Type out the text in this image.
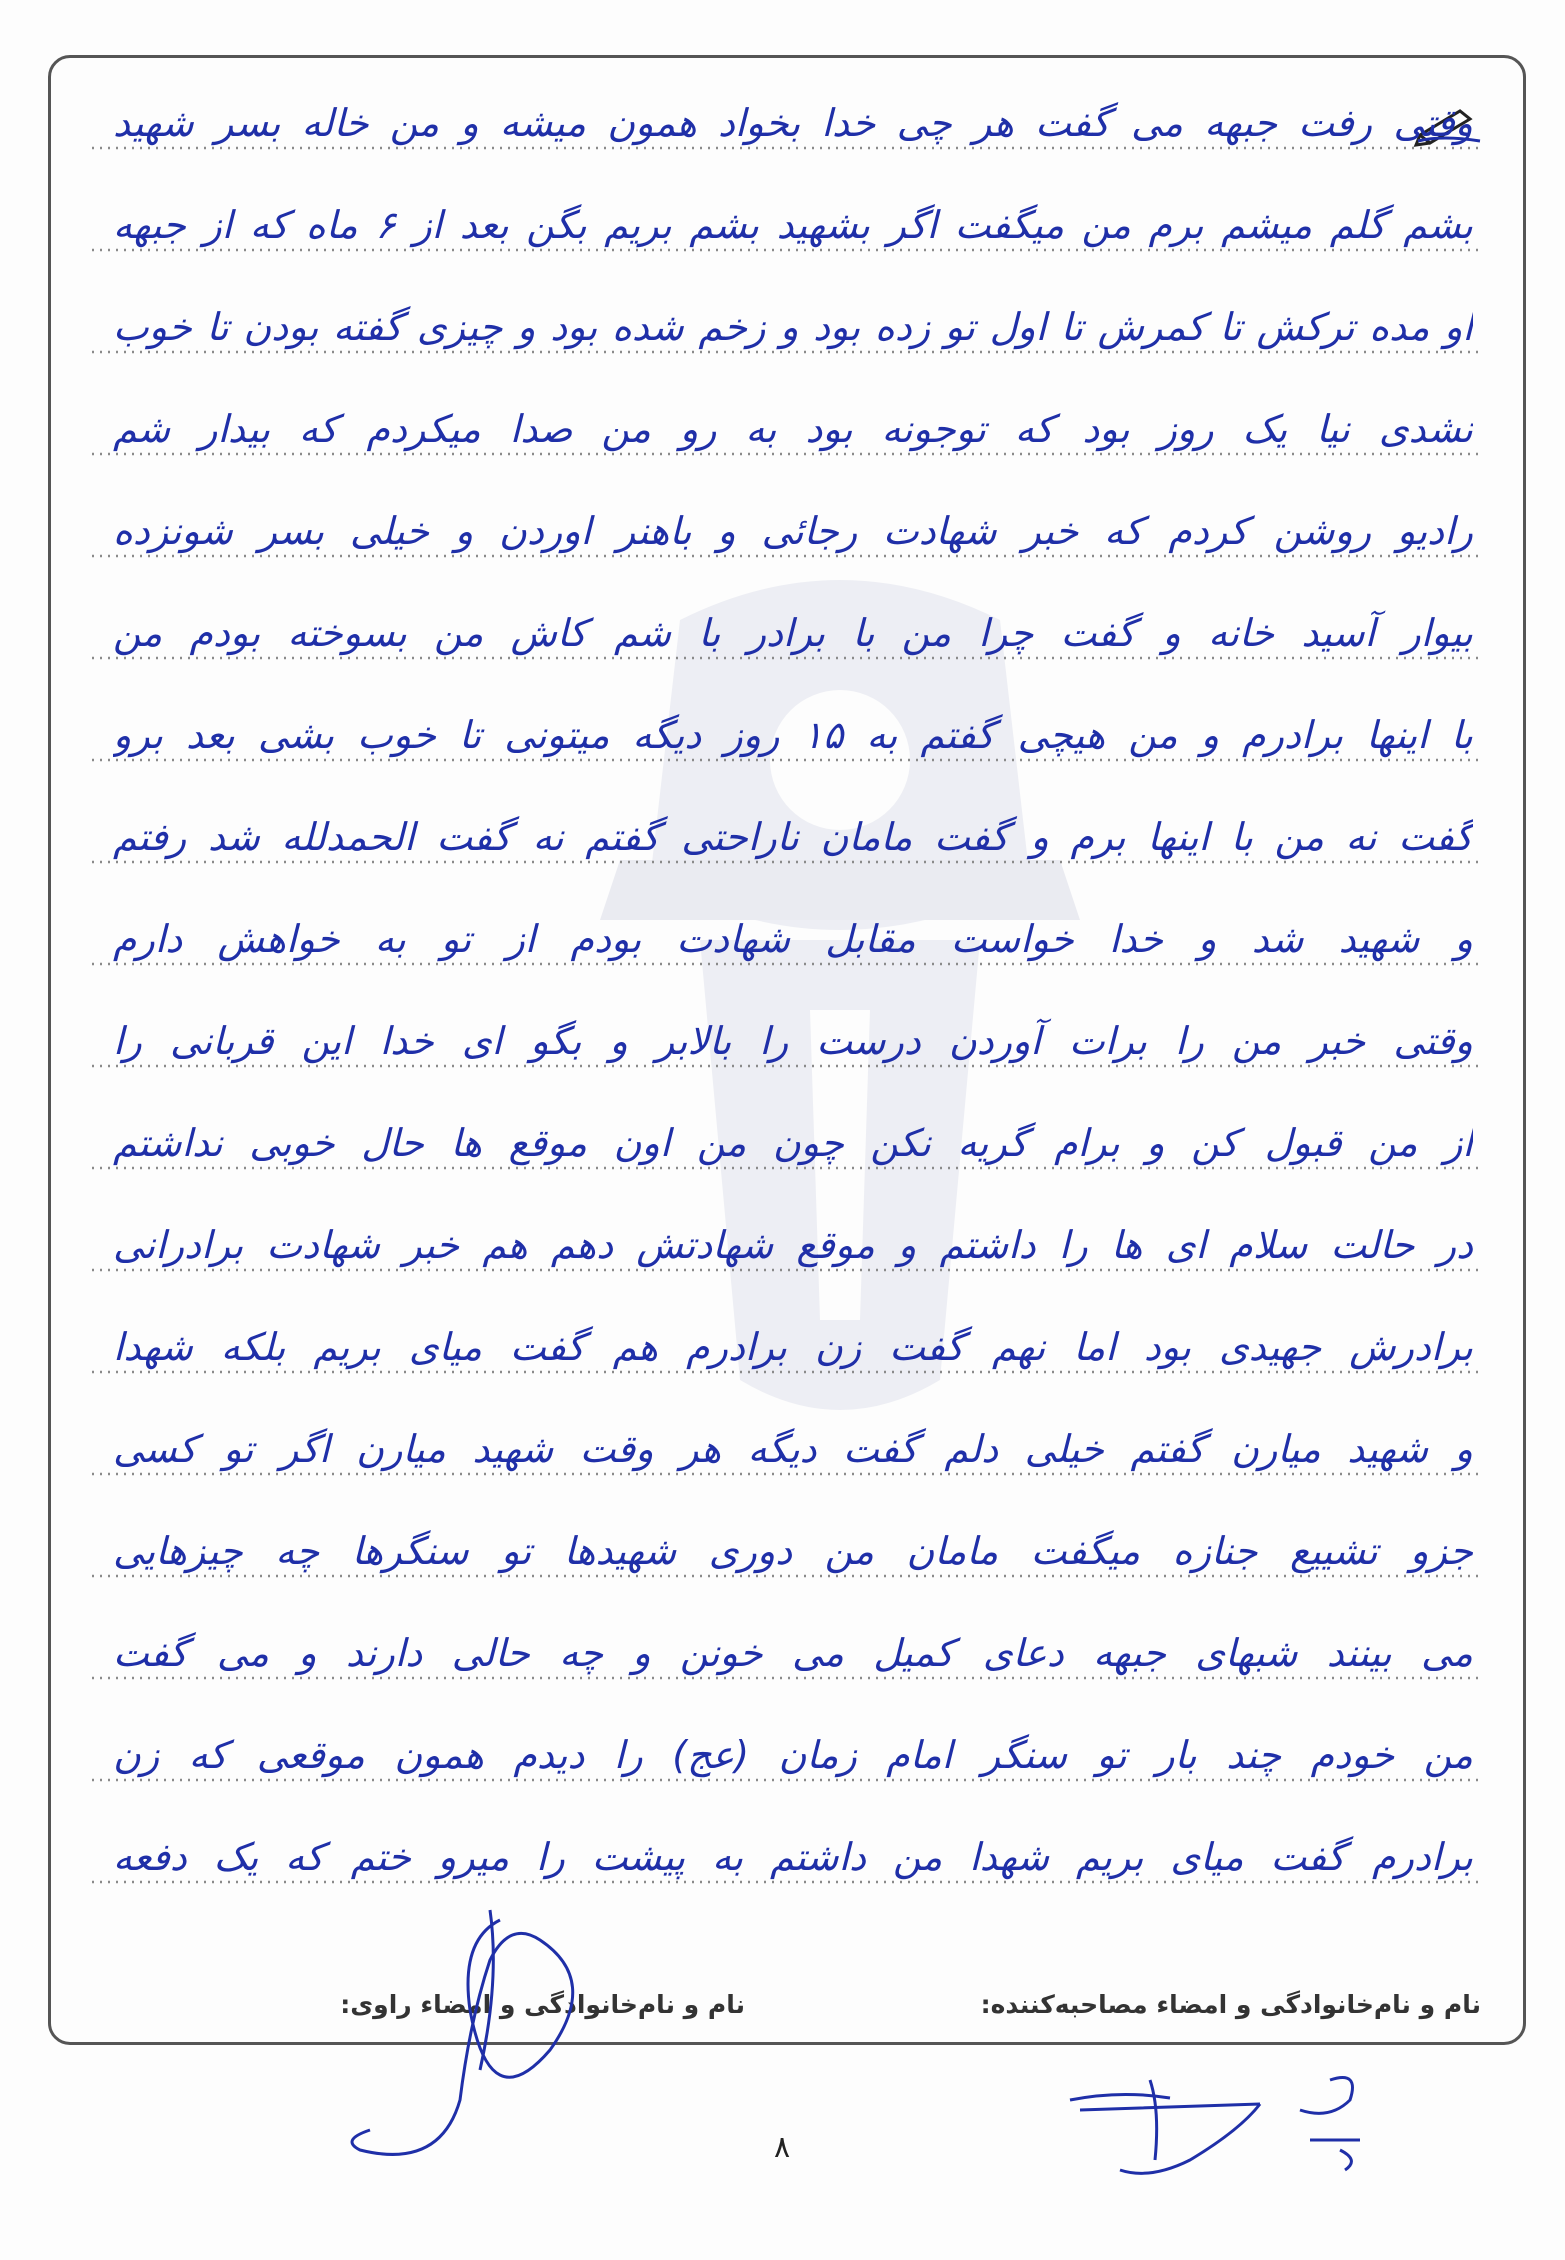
وقتی رفت جبهه می گفت هر چی خدا بخواد همون میشه و من خاله بسر شهید
بشم گلم میشم برم من میگفت اگر بشهید بشم بریم بگن بعد از ۶ ماه که از جبهه
او مده ترکش تا کمرش تا اول تو زده بود و زخم شده بود و چیزی گفته بودن تا خوب
نشدی نیا یک روز بود که توجونه بود به رو من صدا میکردم که بیدار شم
رادیو روشن کردم که خبر شهادت رجائی و باهنر اوردن و خیلی بسر شونزده
بیوار آسید خانه و گفت چرا من با برادر با شم کاش من بسوخته بودم من
با اینها برادرم و من هیچی گفتم به ۱۵ روز دیگه میتونی تا خوب بشی بعد برو
گفت نه من با اینها برم و گفت مامان ناراحتی گفتم نه گفت الحمدلله شد رفتم
و شهید شد و خدا خواست مقابل شهادت بودم از تو به خواهش دارم
وقتی خبر من را برات آوردن درست را بالابر و بگو ای خدا این قربانی را
از من قبول کن و برام گریه نکن چون من اون موقع ها حال خوبی نداشتم
در حالت سلام ای ها را داشتم و موقع شهادتش دهم هم خبر شهادت برادرانی
برادرش جهیدی بود اما نهم گفت زن برادرم هم گفت میای بریم بلکه شهدا
و شهید میارن گفتم خیلی دلم گفت دیگه هر وقت شهید میارن اگر تو کسی
جزو تشییع جنازه میگفت مامان من دوری شهیدها تو سنگرها چه چیزهایی
می بینند شبهای جبهه دعای کمیل می خونن و چه حالی دارند و می گفت
من خودم چند بار تو سنگر امام زمان (عج) را دیدم همون موقعی که زن
برادرم گفت میای بریم شهدا من داشتم به پیشت را میرو ختم که یک دفعه
نام و نام‌خانوادگی و امضاء مصاحبه‌کننده:
نام و نام‌خانوادگی و امضاء راوی:
۸
